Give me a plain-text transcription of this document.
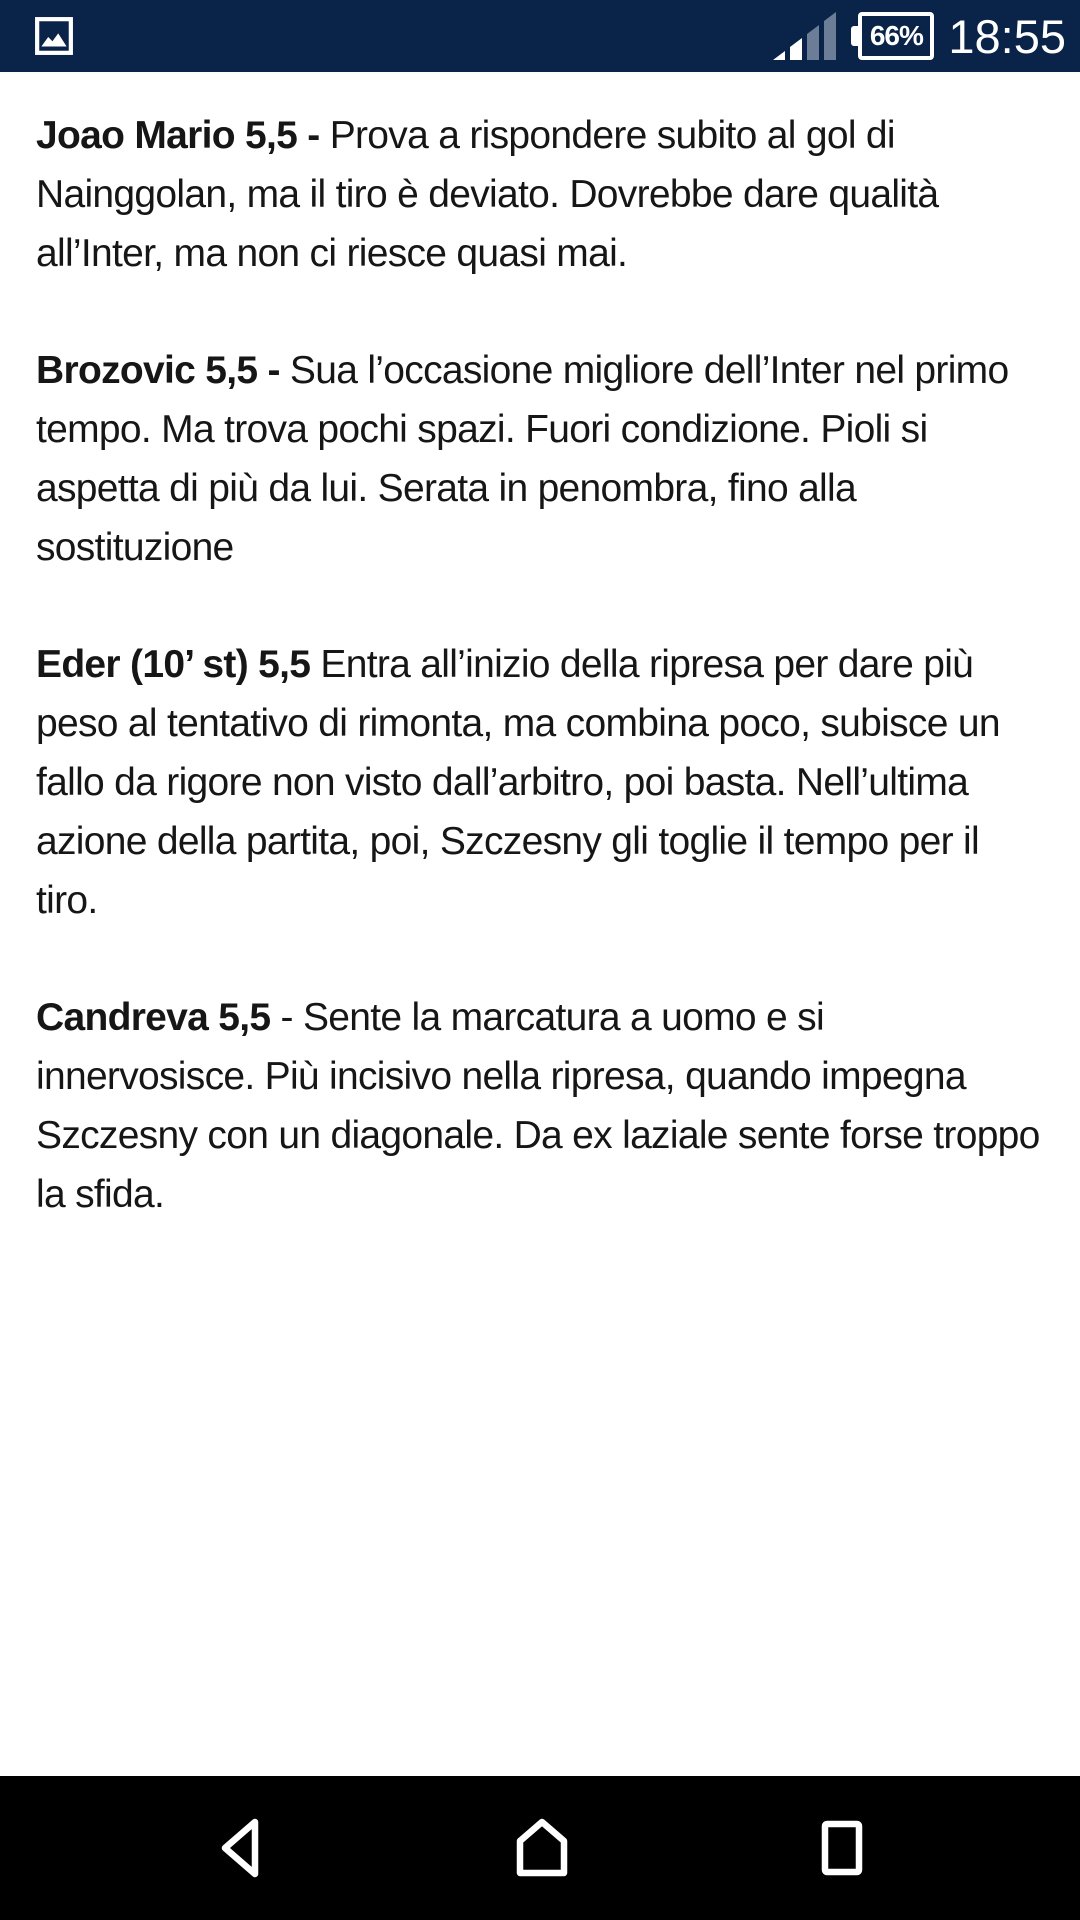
66% 18:55

Joao Mario 5,5 - Prova a rispondere subito al gol di Nainggolan, ma il tiro è deviato. Dovrebbe dare qualità all’Inter, ma non ci riesce quasi mai.

Brozovic 5,5 - Sua l’occasione migliore dell’Inter nel primo tempo. Ma trova pochi spazi. Fuori condizione. Pioli si aspetta di più da lui. Serata in penombra, fino alla sostituzione

Eder (10’ st) 5,5 Entra all’inizio della ripresa per dare più peso al tentativo di rimonta, ma combina poco, subisce un fallo da rigore non visto dall’arbitro, poi basta. Nell’ultima azione della partita, poi, Szczesny gli toglie il tempo per il tiro.

Candreva 5,5 - Sente la marcatura a uomo e si innervosisce. Più incisivo nella ripresa, quando impegna Szczesny con un diagonale. Da ex laziale sente forse troppo la sfida.
